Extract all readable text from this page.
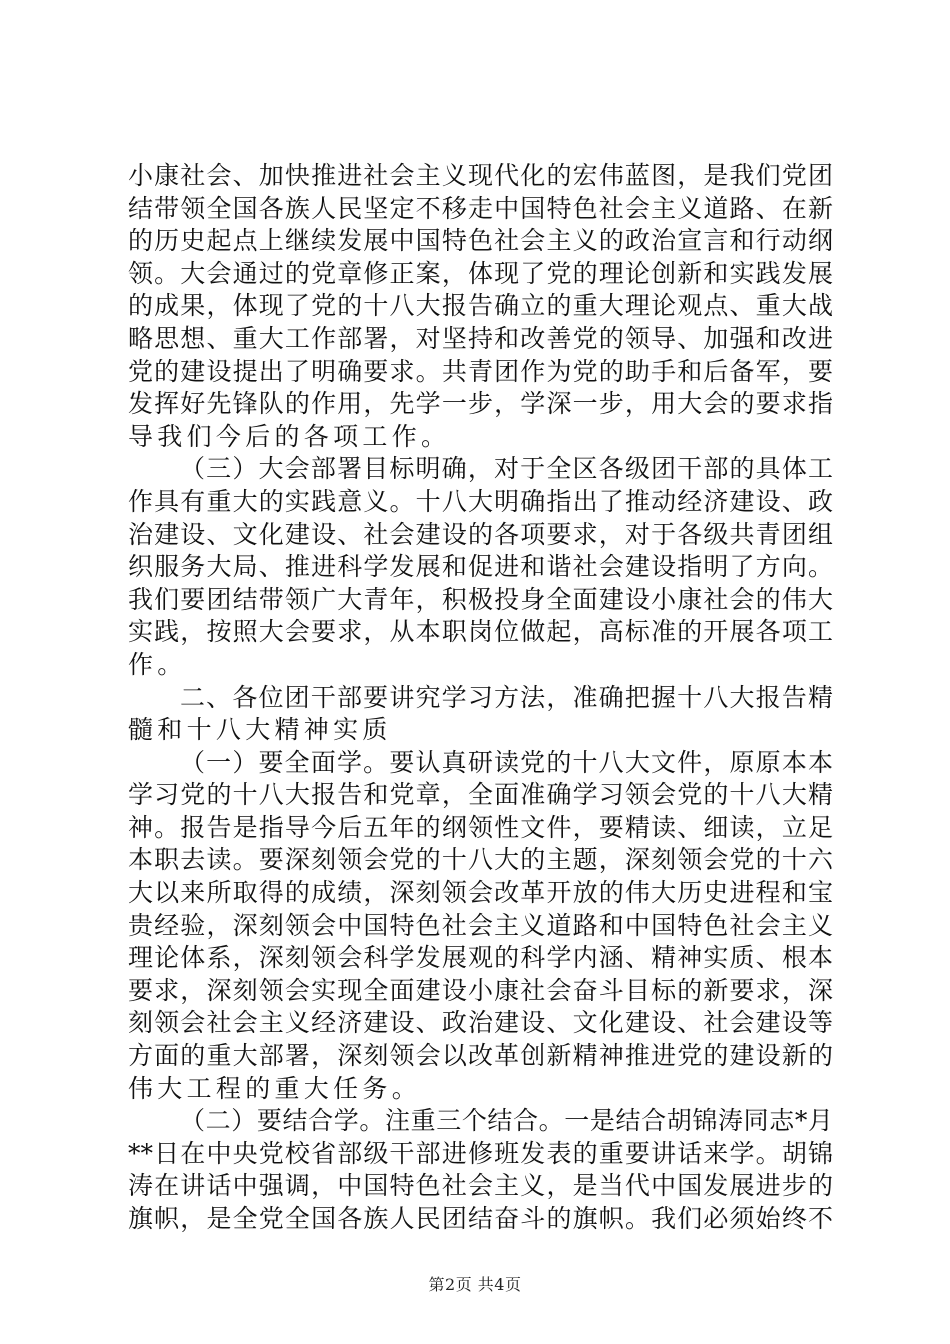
小康社会、加快推进社会主义现代化的宏伟蓝图，是我们党团
结带领全国各族人民坚定不移走中国特色社会主义道路、在新
的历史起点上继续发展中国特色社会主义的政治宣言和行动纲
领。大会通过的党章修正案，体现了党的理论创新和实践发展
的成果，体现了党的十八大报告确立的重大理论观点、重大战
略思想、重大工作部署，对坚持和改善党的领导、加强和改进
党的建设提出了明确要求。共青团作为党的助手和后备军，要
发挥好先锋队的作用，先学一步，学深一步，用大会的要求指
导我们今后的各项工作。
（三）大会部署目标明确，对于全区各级团干部的具体工
作具有重大的实践意义。十八大明确指出了推动经济建设、政
治建设、文化建设、社会建设的各项要求，对于各级共青团组
织服务大局、推进科学发展和促进和谐社会建设指明了方向。
我们要团结带领广大青年，积极投身全面建设小康社会的伟大
实践，按照大会要求，从本职岗位做起，高标准的开展各项工
作。
二、各位团干部要讲究学习方法，准确把握十八大报告精
髓和十八大精神实质
（一）要全面学。要认真研读党的十八大文件，原原本本
学习党的十八大报告和党章，全面准确学习领会党的十八大精
神。报告是指导今后五年的纲领性文件，要精读、细读，立足
本职去读。要深刻领会党的十八大的主题，深刻领会党的十六
大以来所取得的成绩，深刻领会改革开放的伟大历史进程和宝
贵经验，深刻领会中国特色社会主义道路和中国特色社会主义
理论体系，深刻领会科学发展观的科学内涵、精神实质、根本
要求，深刻领会实现全面建设小康社会奋斗目标的新要求，深
刻领会社会主义经济建设、政治建设、文化建设、社会建设等
方面的重大部署，深刻领会以改革创新精神推进党的建设新的
伟大工程的重大任务。
（二）要结合学。注重三个结合。一是结合胡锦涛同志*月
**日在中央党校省部级干部进修班发表的重要讲话来学。胡锦
涛在讲话中强调，中国特色社会主义，是当代中国发展进步的
旗帜，是全党全国各族人民团结奋斗的旗帜。我们必须始终不
第2页 共4页
